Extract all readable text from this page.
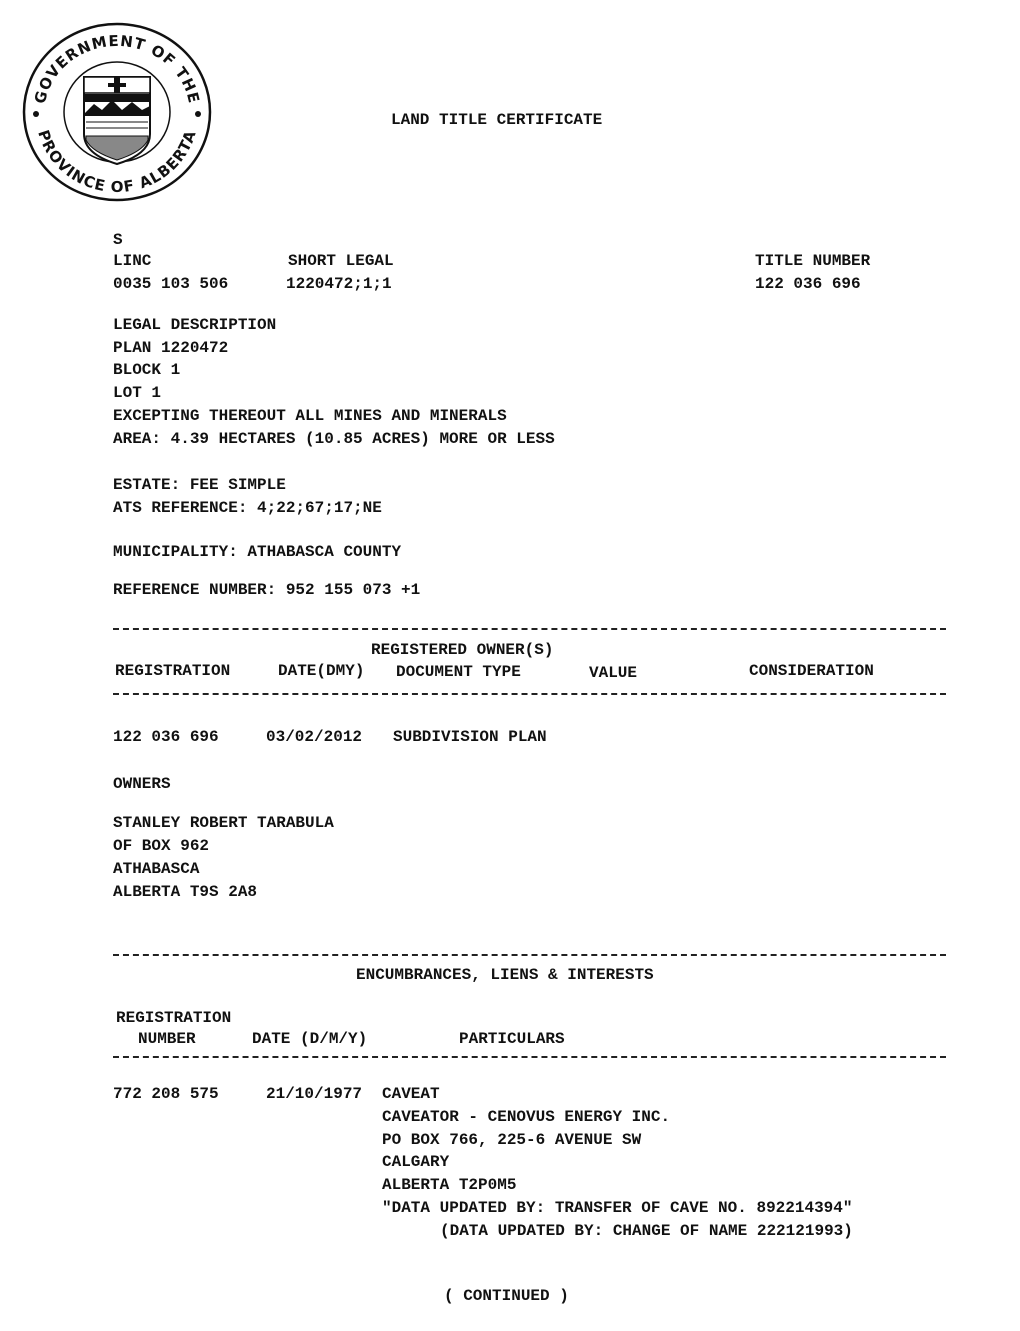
GOVERNMENT OF THE
PROVINCE OF ALBERTA
LAND TITLE CERTIFICATE
S
LINC	SHORT LEGAL	TITLE NUMBER
0035 103 506	1220472;1;1	122 036 696
LEGAL DESCRIPTION
PLAN 1220472
BLOCK 1
LOT 1
EXCEPTING THEREOUT ALL MINES AND MINERALS
AREA: 4.39 HECTARES (10.85 ACRES) MORE OR LESS
ESTATE: FEE SIMPLE
ATS REFERENCE: 4;22;67;17;NE
MUNICIPALITY: ATHABASCA COUNTY
REFERENCE NUMBER: 952 155 073 +1
REGISTERED OWNER(S)
REGISTRATION	DATE(DMY) DOCUMENT TYPE	VALUE	CONSIDERATION
122 036 696	03/02/2012 SUBDIVISION PLAN
OWNERS
STANLEY ROBERT TARABULA
OF BOX 962
ATHABASCA
ALBERTA T9S 2A8
ENCUMBRANCES, LIENS & INTERESTS
REGISTRATION
NUMBER	DATE (D/M/Y)	PARTICULARS
772 208 575	21/10/1977 CAVEAT
CAVEATOR - CENOVUS ENERGY INC.
PO BOX 766, 225-6 AVENUE SW
CALGARY
ALBERTA T2P0M5
"DATA UPDATED BY: TRANSFER OF CAVE NO. 892214394"
(DATA UPDATED BY: CHANGE OF NAME 222121993)
( CONTINUED )
